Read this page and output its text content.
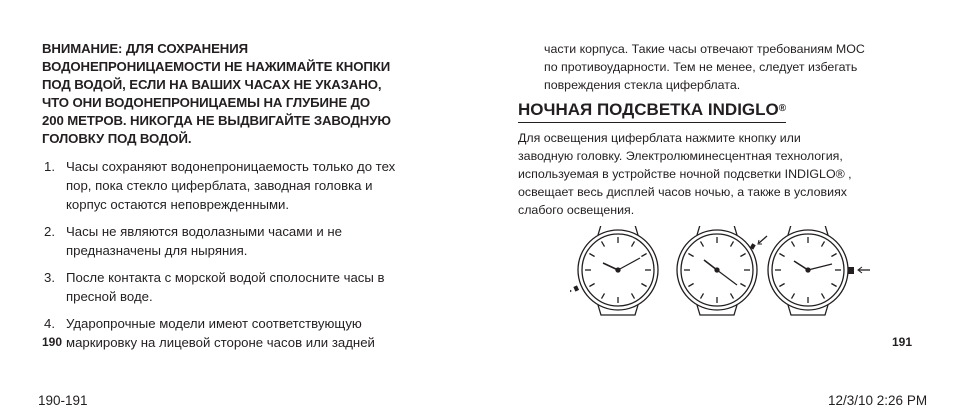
ВНИМАНИЕ: ДЛЯ СОХРАНЕНИЯ
ВОДОНЕПРОНИЦАЕМОСТИ НЕ НАЖИМАЙТЕ КНОПКИ
ПОД ВОДОЙ, ЕСЛИ НА ВАШИХ ЧАСАХ НЕ УКАЗАНО,
ЧТО ОНИ ВОДОНЕПРОНИЦАЕМЫ НА ГЛУБИНЕ ДО
200 МЕТРОВ. НИКОГДА НЕ ВЫДВИГАЙТЕ ЗАВОДНУЮ
ГОЛОВКУ ПОД ВОДОЙ.

1. Часы сохраняют водонепроницаемость только до тех
пор, пока стекло циферблата, заводная головка и
корпус остаются неповрежденными.
2. Часы не являются водолазными часами и не
предназначены для ныряния.
3. После контакта с морской водой сполосните часы в
пресной воде.
4. Ударопрочные модели имеют соответствующую
маркировку на лицевой стороне часов или задней
190

части корпуса. Такие часы отвечают требованиям МОС
по противоударности. Тем не менее, следует избегать
повреждения стекла циферблата.

НОЧНАЯ ПОДСВЕТКА INDIGLO®

Для освещения циферблата нажмите кнопку или
заводную головку. Электролюминесцентная технология,
используемая в устройстве ночной подсветки INDIGLO® ,
освещает весь дисплей часов ночью, а также в условиях
слабого освещения.

191
190-191	12/3/10 2:26 PM
